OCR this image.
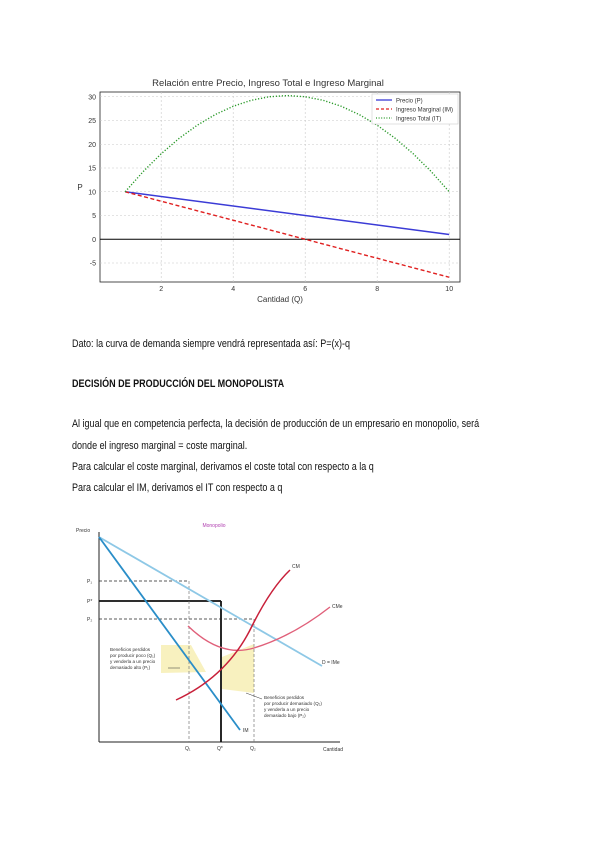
Relación entre Precio, Ingreso Total e Ingreso Marginal
2	4	6	8	10
-5
0
5
10
15
20
25
30
Cantidad (Q)
P
Precio (P)
Ingreso Marginal (IM)
Ingreso Total (IT)
Dato: la curva de demanda siempre vendrá representada así: P=(x)-q
DECISIÓN DE PRODUCCIÓN DEL MONOPOLISTA
Al igual que en competencia perfecta, la decisión de producción de un empresario en monopolio, será
donde el ingreso marginal = coste marginal.
Para calcular el coste marginal, derivamos el coste total con respecto a la q
Para calcular el IM, derivamos el IT con respecto a q
Monopolio
Precio
Cantidad
P₁
P*
P₂
Q₁	Q*	Q₂
CM
CMe
D = IMe
IM
Beneficios perdidos
por producir poco (Q₁)
y venderla a un precio
demasiado alto (P₁)
Beneficios perdidos
por producir demasiado (Q₂)
y venderla a un precio
demasiado bajo (P₂)
